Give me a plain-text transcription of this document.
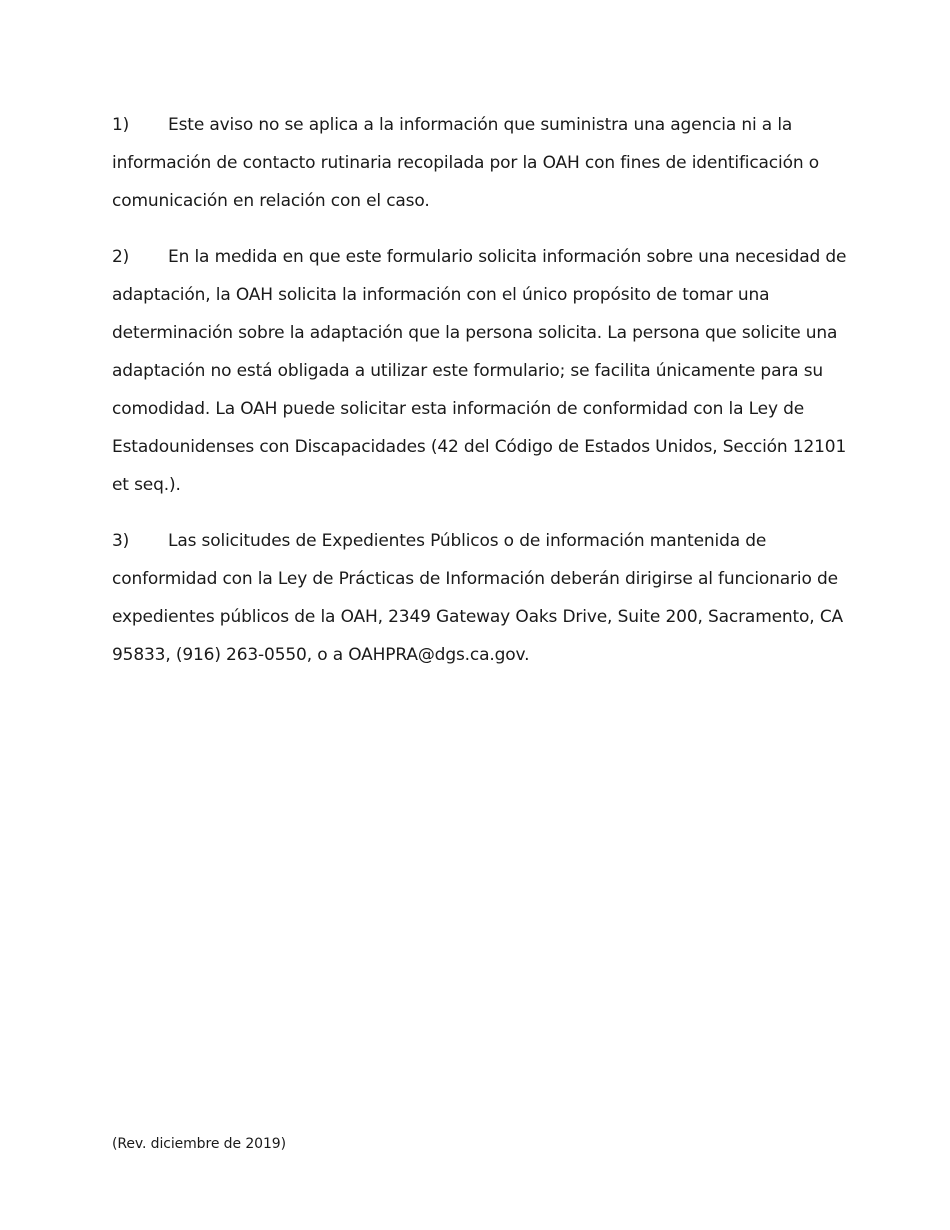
1) Este aviso no se aplica a la información que suministra una agencia ni a la información de contacto rutinaria recopilada por la OAH con fines de identificación o comunicación en relación con el caso.

2) En la medida en que este formulario solicita información sobre una necesidad de adaptación, la OAH solicita la información con el único propósito de tomar una determinación sobre la adaptación que la persona solicita. La persona que solicite una adaptación no está obligada a utilizar este formulario; se facilita únicamente para su comodidad. La OAH puede solicitar esta información de conformidad con la Ley de Estadounidenses con Discapacidades (42 del Código de Estados Unidos, Sección 12101 et seq.).

3) Las solicitudes de Expedientes Públicos o de información mantenida de conformidad con la Ley de Prácticas de Información deberán dirigirse al funcionario de expedientes públicos de la OAH, 2349 Gateway Oaks Drive, Suite 200, Sacramento, CA 95833, (916) 263-0550, o a OAHPRA@dgs.ca.gov.

(Rev. diciembre de 2019)
